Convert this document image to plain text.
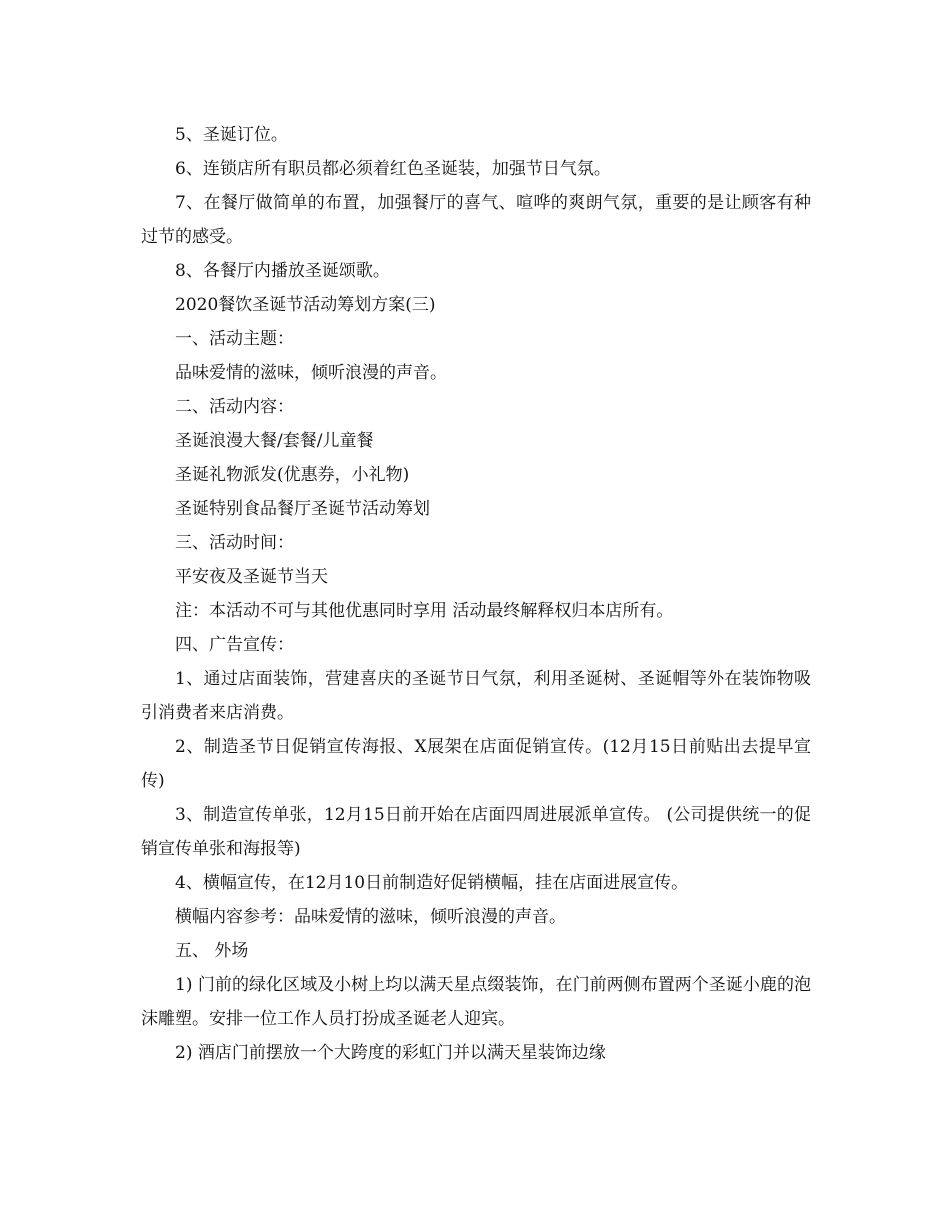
5、圣诞订位。

6、连锁店所有职员都必须着红色圣诞装，加强节日气氛。

7、在餐厅做简单的布置，加强餐厅的喜气、喧哗的爽朗气氛，重要的是让顾客有种过节的感受。

8、各餐厅内播放圣诞颂歌。

2020餐饮圣诞节活动筹划方案(三)

一、活动主题：

品味爱情的滋味，倾听浪漫的声音。

二、活动内容：

圣诞浪漫大餐/套餐/儿童餐

圣诞礼物派发(优惠券，小礼物)

圣诞特别食品餐厅圣诞节活动筹划

三、活动时间：

平安夜及圣诞节当天

注：本活动不可与其他优惠同时享用 活动最终解释权归本店所有。

四、广告宣传：

1、通过店面装饰，营建喜庆的圣诞节日气氛，利用圣诞树、圣诞帽等外在装饰物吸引消费者来店消费。

2、制造圣节日促销宣传海报、X展架在店面促销宣传。(12月15日前贴出去提早宣传)

3、制造宣传单张，12月15日前开始在店面四周进展派单宣传。 (公司提供统一的促销宣传单张和海报等)

4、横幅宣传，在12月10日前制造好促销横幅，挂在店面进展宣传。

横幅内容参考：品味爱情的滋味，倾听浪漫的声音。

五、 外场

1) 门前的绿化区域及小树上均以满天星点缀装饰，在门前两侧布置两个圣诞小鹿的泡沫雕塑。安排一位工作人员打扮成圣诞老人迎宾。

2) 酒店门前摆放一个大跨度的彩虹门并以满天星装饰边缘
